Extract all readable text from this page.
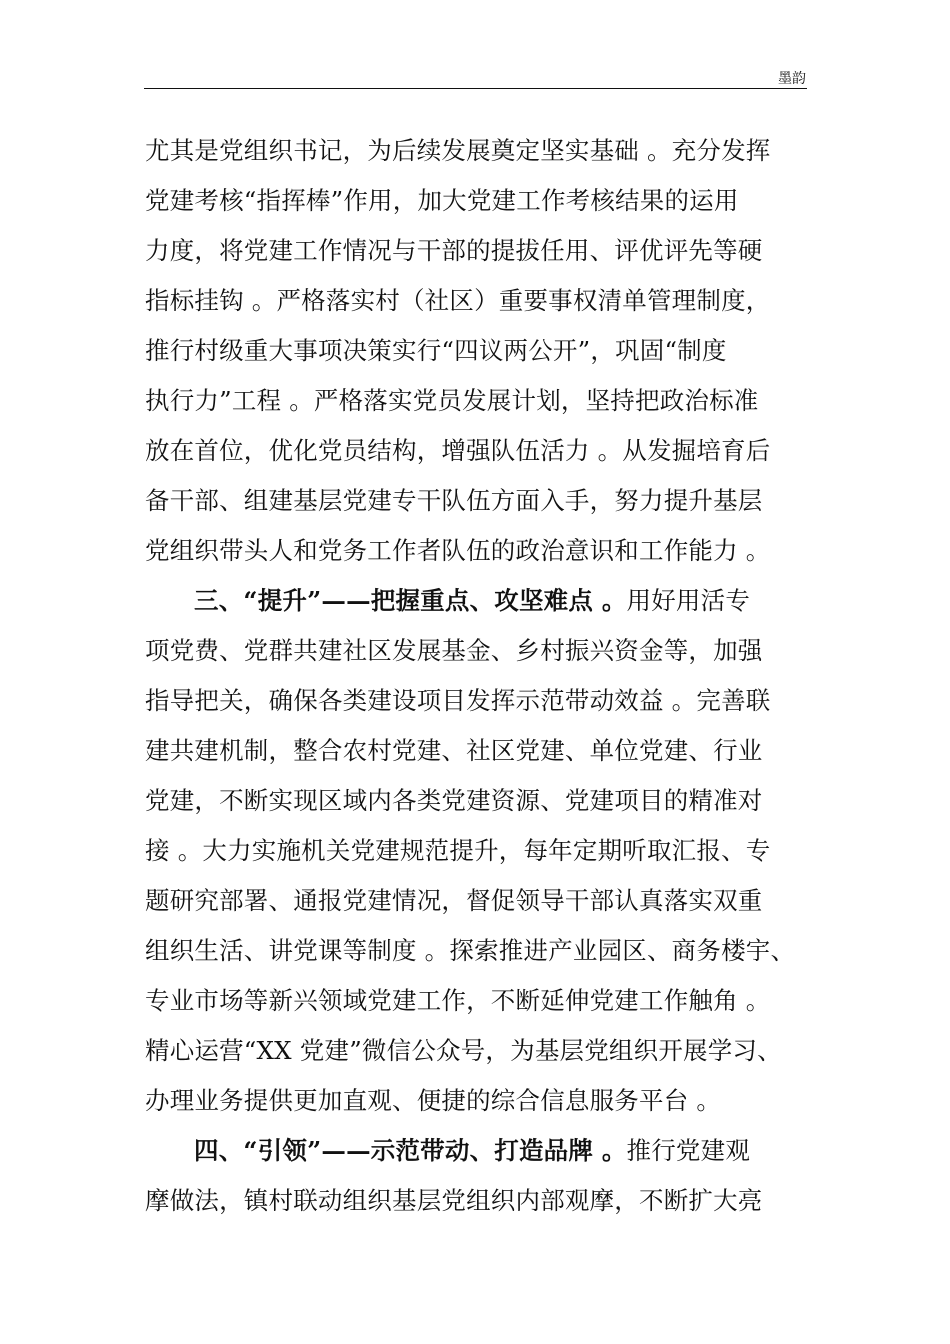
墨韵
尤其是党组织书记，为后续发展奠定坚实基础 。充分发挥
党建考核“指挥棒”作用，加大党建工作考核结果的运用
力度，将党建工作情况与干部的提拔任用、评优评先等硬
指标挂钩 。严格落实村（社区）重要事权清单管理制度，
推行村级重大事项决策实行“四议两公开”，巩固“制度
执行力”工程 。严格落实党员发展计划，坚持把政治标准
放在首位，优化党员结构，增强队伍活力 。从发掘培育后
备干部、组建基层党建专干队伍方面入手，努力提升基层
党组织带头人和党务工作者队伍的政治意识和工作能力 。
三、“提升”——把握重点、攻坚难点 。用好用活专
项党费、党群共建社区发展基金、乡村振兴资金等，加强
指导把关，确保各类建设项目发挥示范带动效益 。完善联
建共建机制，整合农村党建、社区党建、单位党建、行业
党建，不断实现区域内各类党建资源、党建项目的精准对
接 。大力实施机关党建规范提升，每年定期听取汇报、专
题研究部署、通报党建情况，督促领导干部认真落实双重
组织生活、讲党课等制度 。探索推进产业园区、商务楼宇、
专业市场等新兴领域党建工作，不断延伸党建工作触角 。
精心运营“XX 党建”微信公众号，为基层党组织开展学习、
办理业务提供更加直观、便捷的综合信息服务平台 。
四、“引领”——示范带动、打造品牌 。推行党建观
摩做法，镇村联动组织基层党组织内部观摩，不断扩大亮
